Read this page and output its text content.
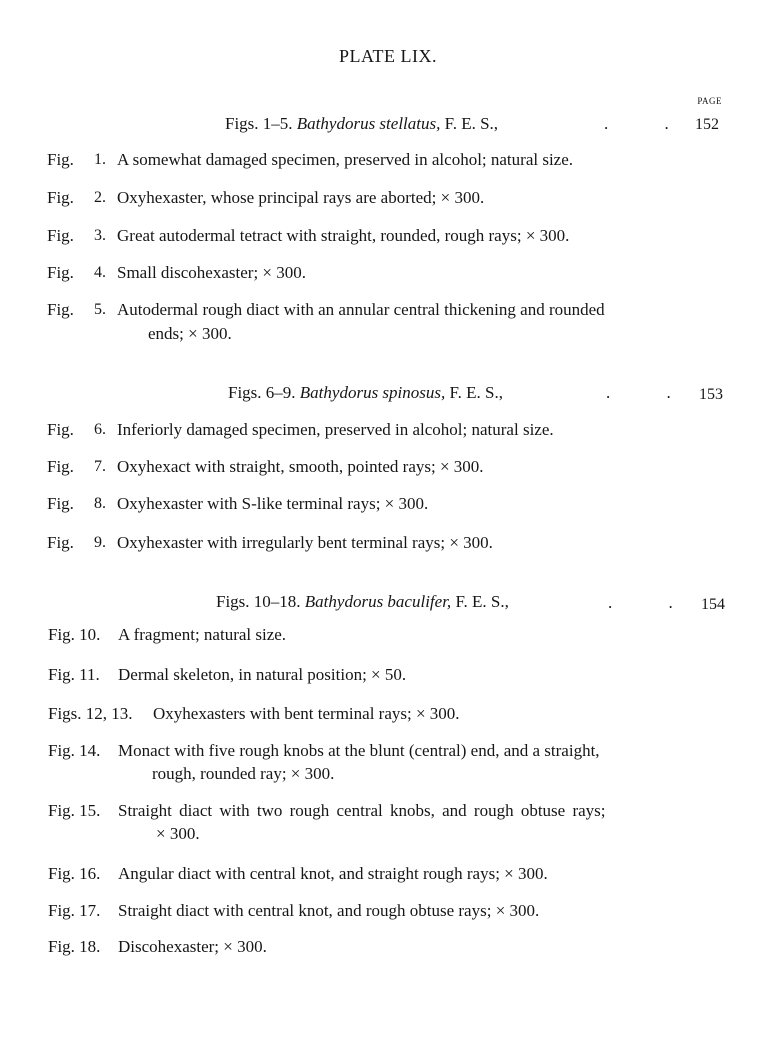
PLATE LIX.
PAGE
Figs. 1–5. Bathydorus stellatus, F. E. S.,	. . 152
Fig. 1. A somewhat damaged specimen, preserved in alcohol; natural size.
Fig. 2. Oxyhexaster, whose principal rays are aborted; × 300.
Fig. 3. Great autodermal tetract with straight, rounded, rough rays; × 300.
Fig. 4. Small discohexaster; × 300.
Fig. 5. Autodermal rough diact with an annular central thickening and rounded
ends; × 300.
Figs. 6–9. Bathydorus spinosus, F. E. S.,	. . 153
Fig. 6. Inferiorly damaged specimen, preserved in alcohol; natural size.
Fig. 7. Oxyhexact with straight, smooth, pointed rays; × 300.
Fig. 8. Oxyhexaster with S-like terminal rays; × 300.
Fig. 9. Oxyhexaster with irregularly bent terminal rays; × 300.
Figs. 10–18. Bathydorus baculifer, F. E. S.,	. . 154
Fig. 10. A fragment; natural size.
Fig. 11. Dermal skeleton, in natural position; × 50.
Figs. 12, 13. Oxyhexasters with bent terminal rays; × 300.
Fig. 14. Monact with five rough knobs at the blunt (central) end, and a straight,
rough, rounded ray; × 300.
Fig. 15. Straight diact with two rough central knobs, and rough obtuse rays;
× 300.
Fig. 16. Angular diact with central knot, and straight rough rays; × 300.
Fig. 17. Straight diact with central knot, and rough obtuse rays; × 300.
Fig. 18. Discohexaster; × 300.
